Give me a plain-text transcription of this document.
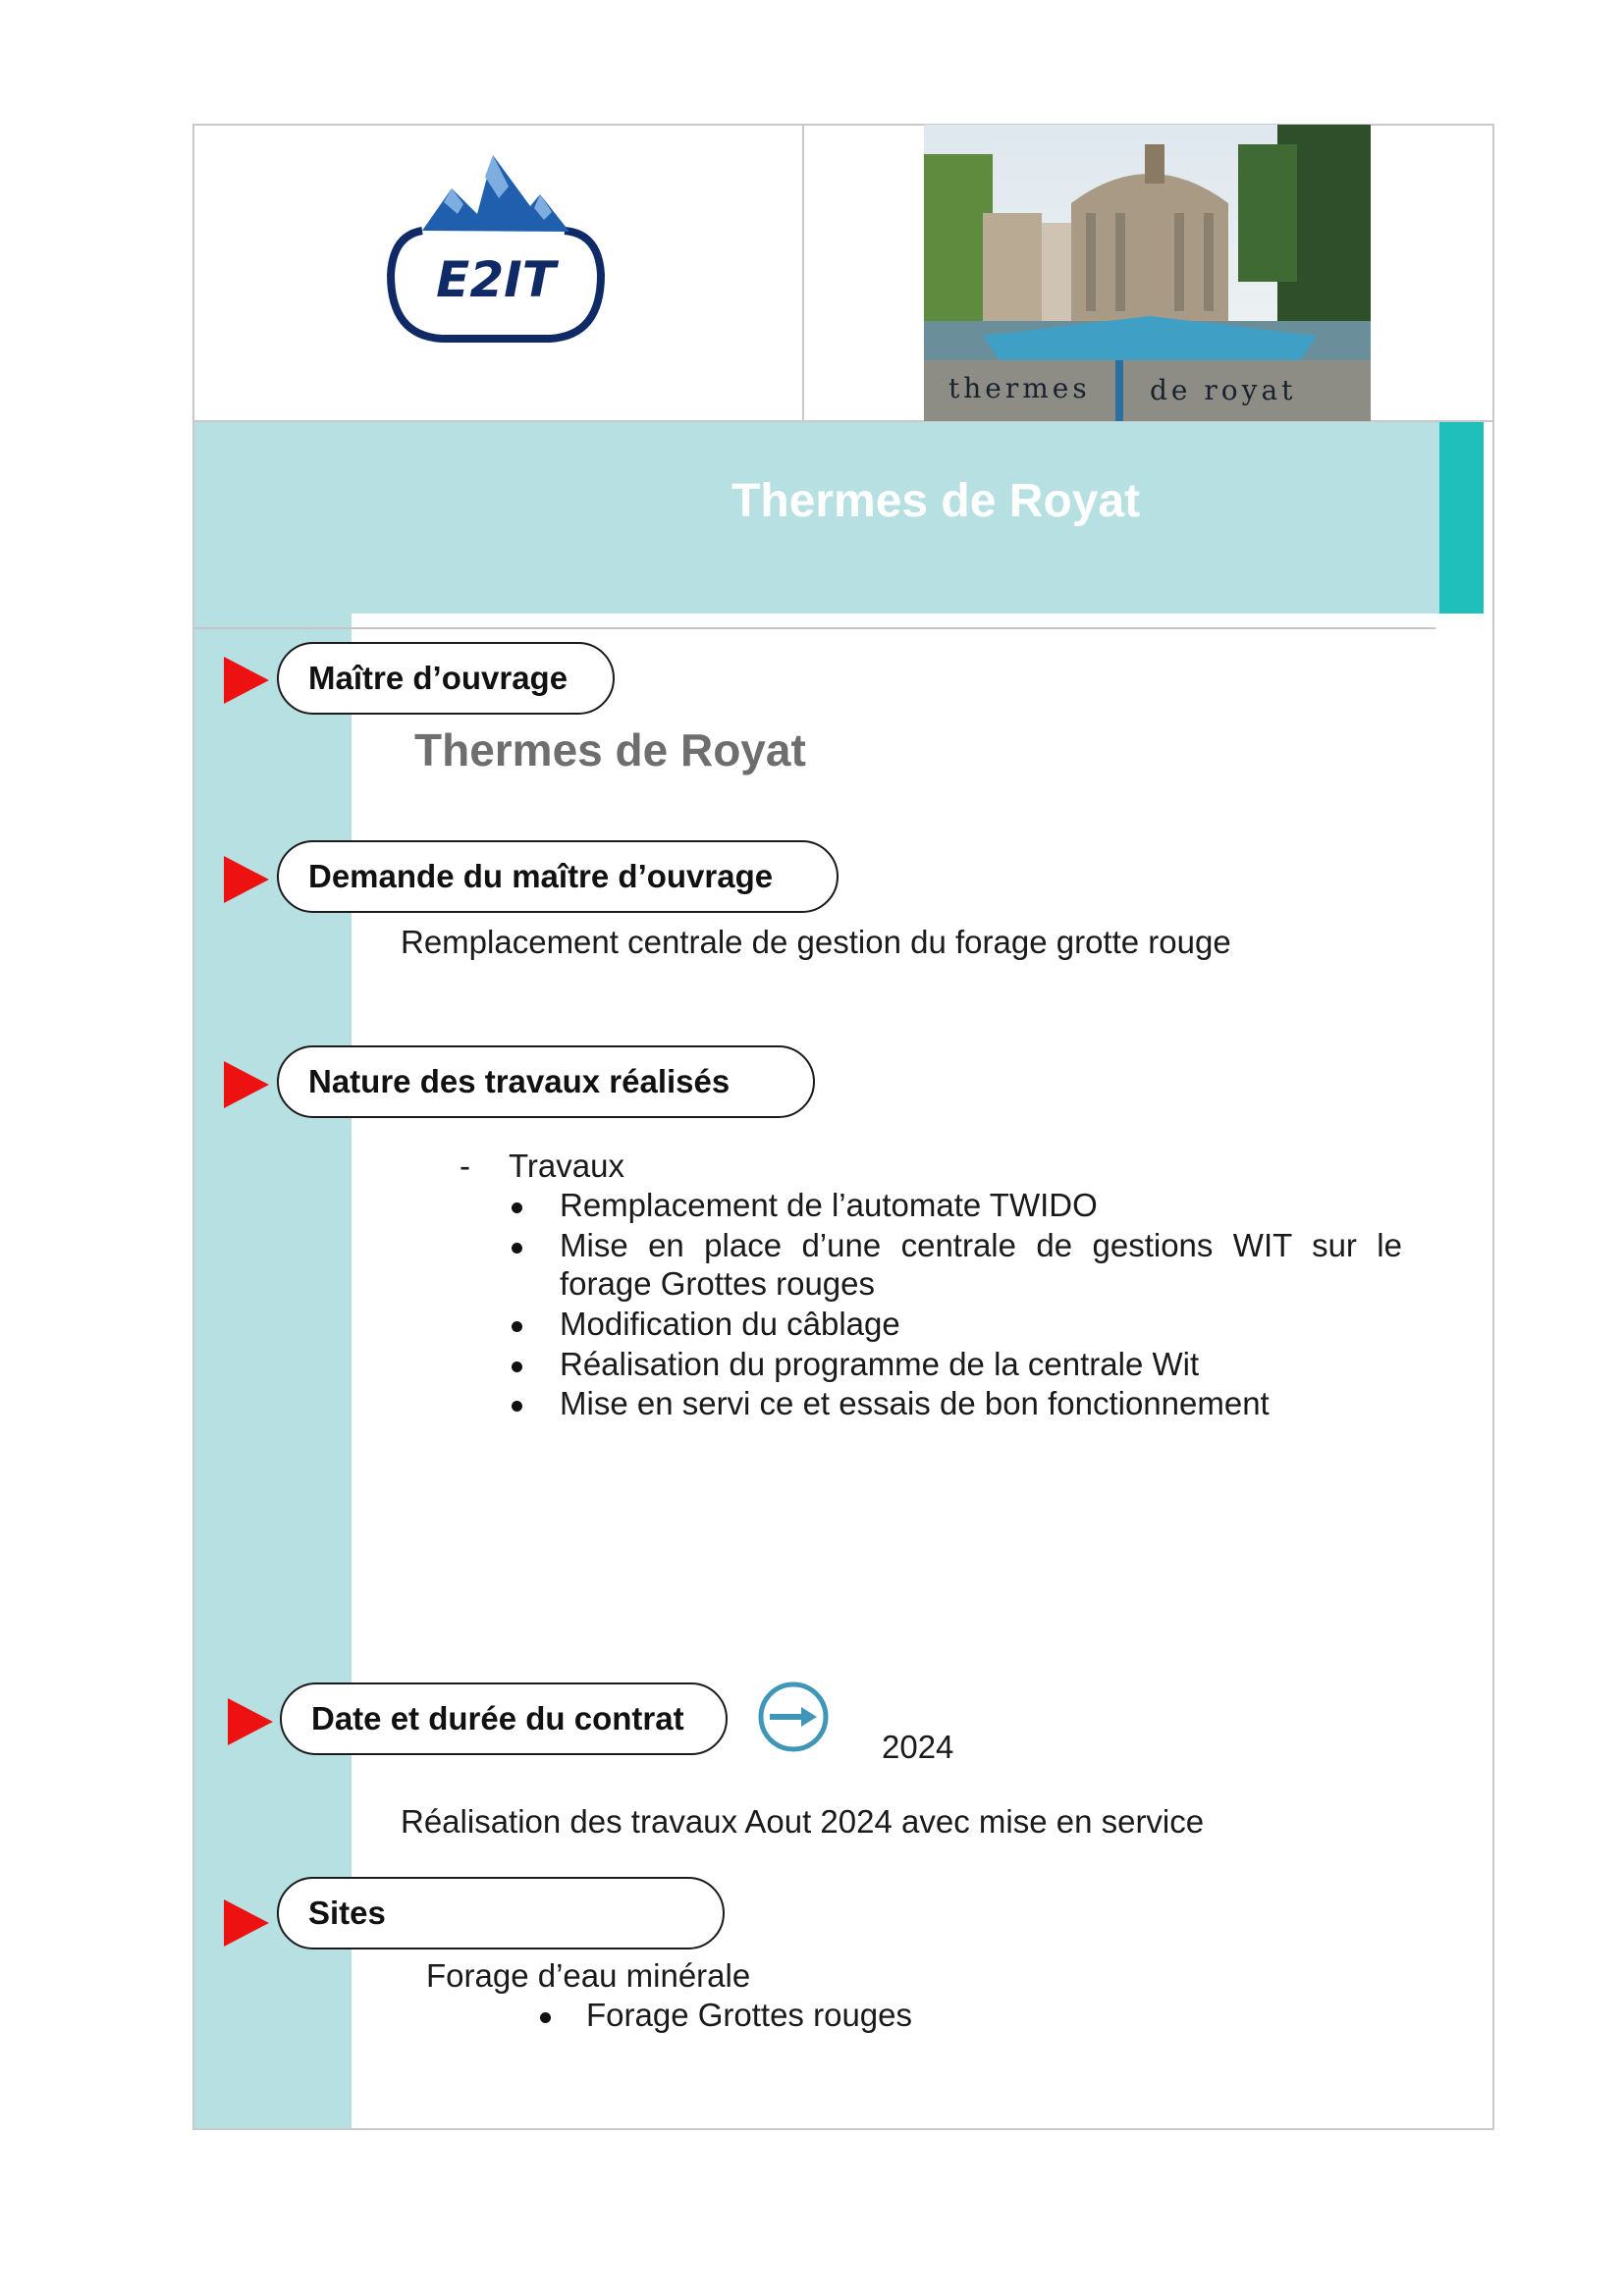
E2IT
thermes de royat
Thermes de Royat
Maître d’ouvrage
Thermes de Royat
Demande du maître d’ouvrage
Remplacement centrale de gestion du forage grotte rouge
Nature des travaux réalisés
- Travaux
Remplacement de l’automate TWIDO
Mise en place d’une centrale de gestions WIT sur le
forage Grottes rouges
Modification du câblage
Réalisation du programme de la centrale Wit
Mise en servi ce et essais de bon fonctionnement
Date et durée du contrat
2024
Réalisation des travaux Aout 2024 avec mise en service
Sites
Forage d’eau minérale
Forage Grottes rouges
